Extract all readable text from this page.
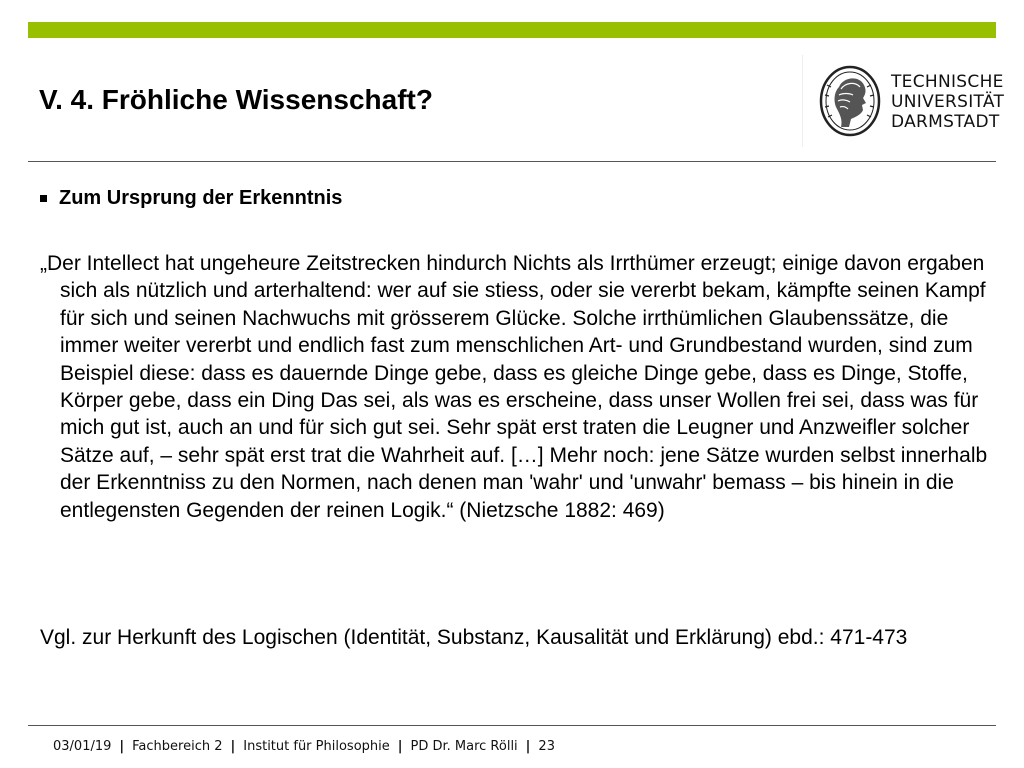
V. 4. Fröhliche Wissenschaft?
TECHNISCHE
UNIVERSITÄT
DARMSTADT
Zum Ursprung der Erkenntnis

„Der Intellect hat ungeheure Zeitstrecken hindurch Nichts als Irrthümer erzeugt; einige davon ergaben sich als nützlich und arterhaltend: wer auf sie stiess, oder sie vererbt bekam, kämpfte seinen Kampf für sich und seinen Nachwuchs mit grösserem Glücke. Solche irrthümlichen Glaubenssätze, die immer weiter vererbt und endlich fast zum menschlichen Art- und Grundbestand wurden, sind zum Beispiel diese: dass es dauernde Dinge gebe, dass es gleiche Dinge gebe, dass es Dinge, Stoffe, Körper gebe, dass ein Ding Das sei, als was es erscheine, dass unser Wollen frei sei, dass was für mich gut ist, auch an und für sich gut sei. Sehr spät erst traten die Leugner und Anzweifler solcher Sätze auf, – sehr spät erst trat die Wahrheit auf. […] Mehr noch: jene Sätze wurden selbst innerhalb der Erkenntniss zu den Normen, nach denen man 'wahr' und 'unwahr' bemass – bis hinein in die entlegensten Gegenden der reinen Logik.“ (Nietzsche 1882: 469)

Vgl. zur Herkunft des Logischen (Identität, Substanz, Kausalität und Erklärung) ebd.: 471-473

03/01/19 | Fachbereich 2 | Institut für Philosophie | PD Dr. Marc Rölli | 23
